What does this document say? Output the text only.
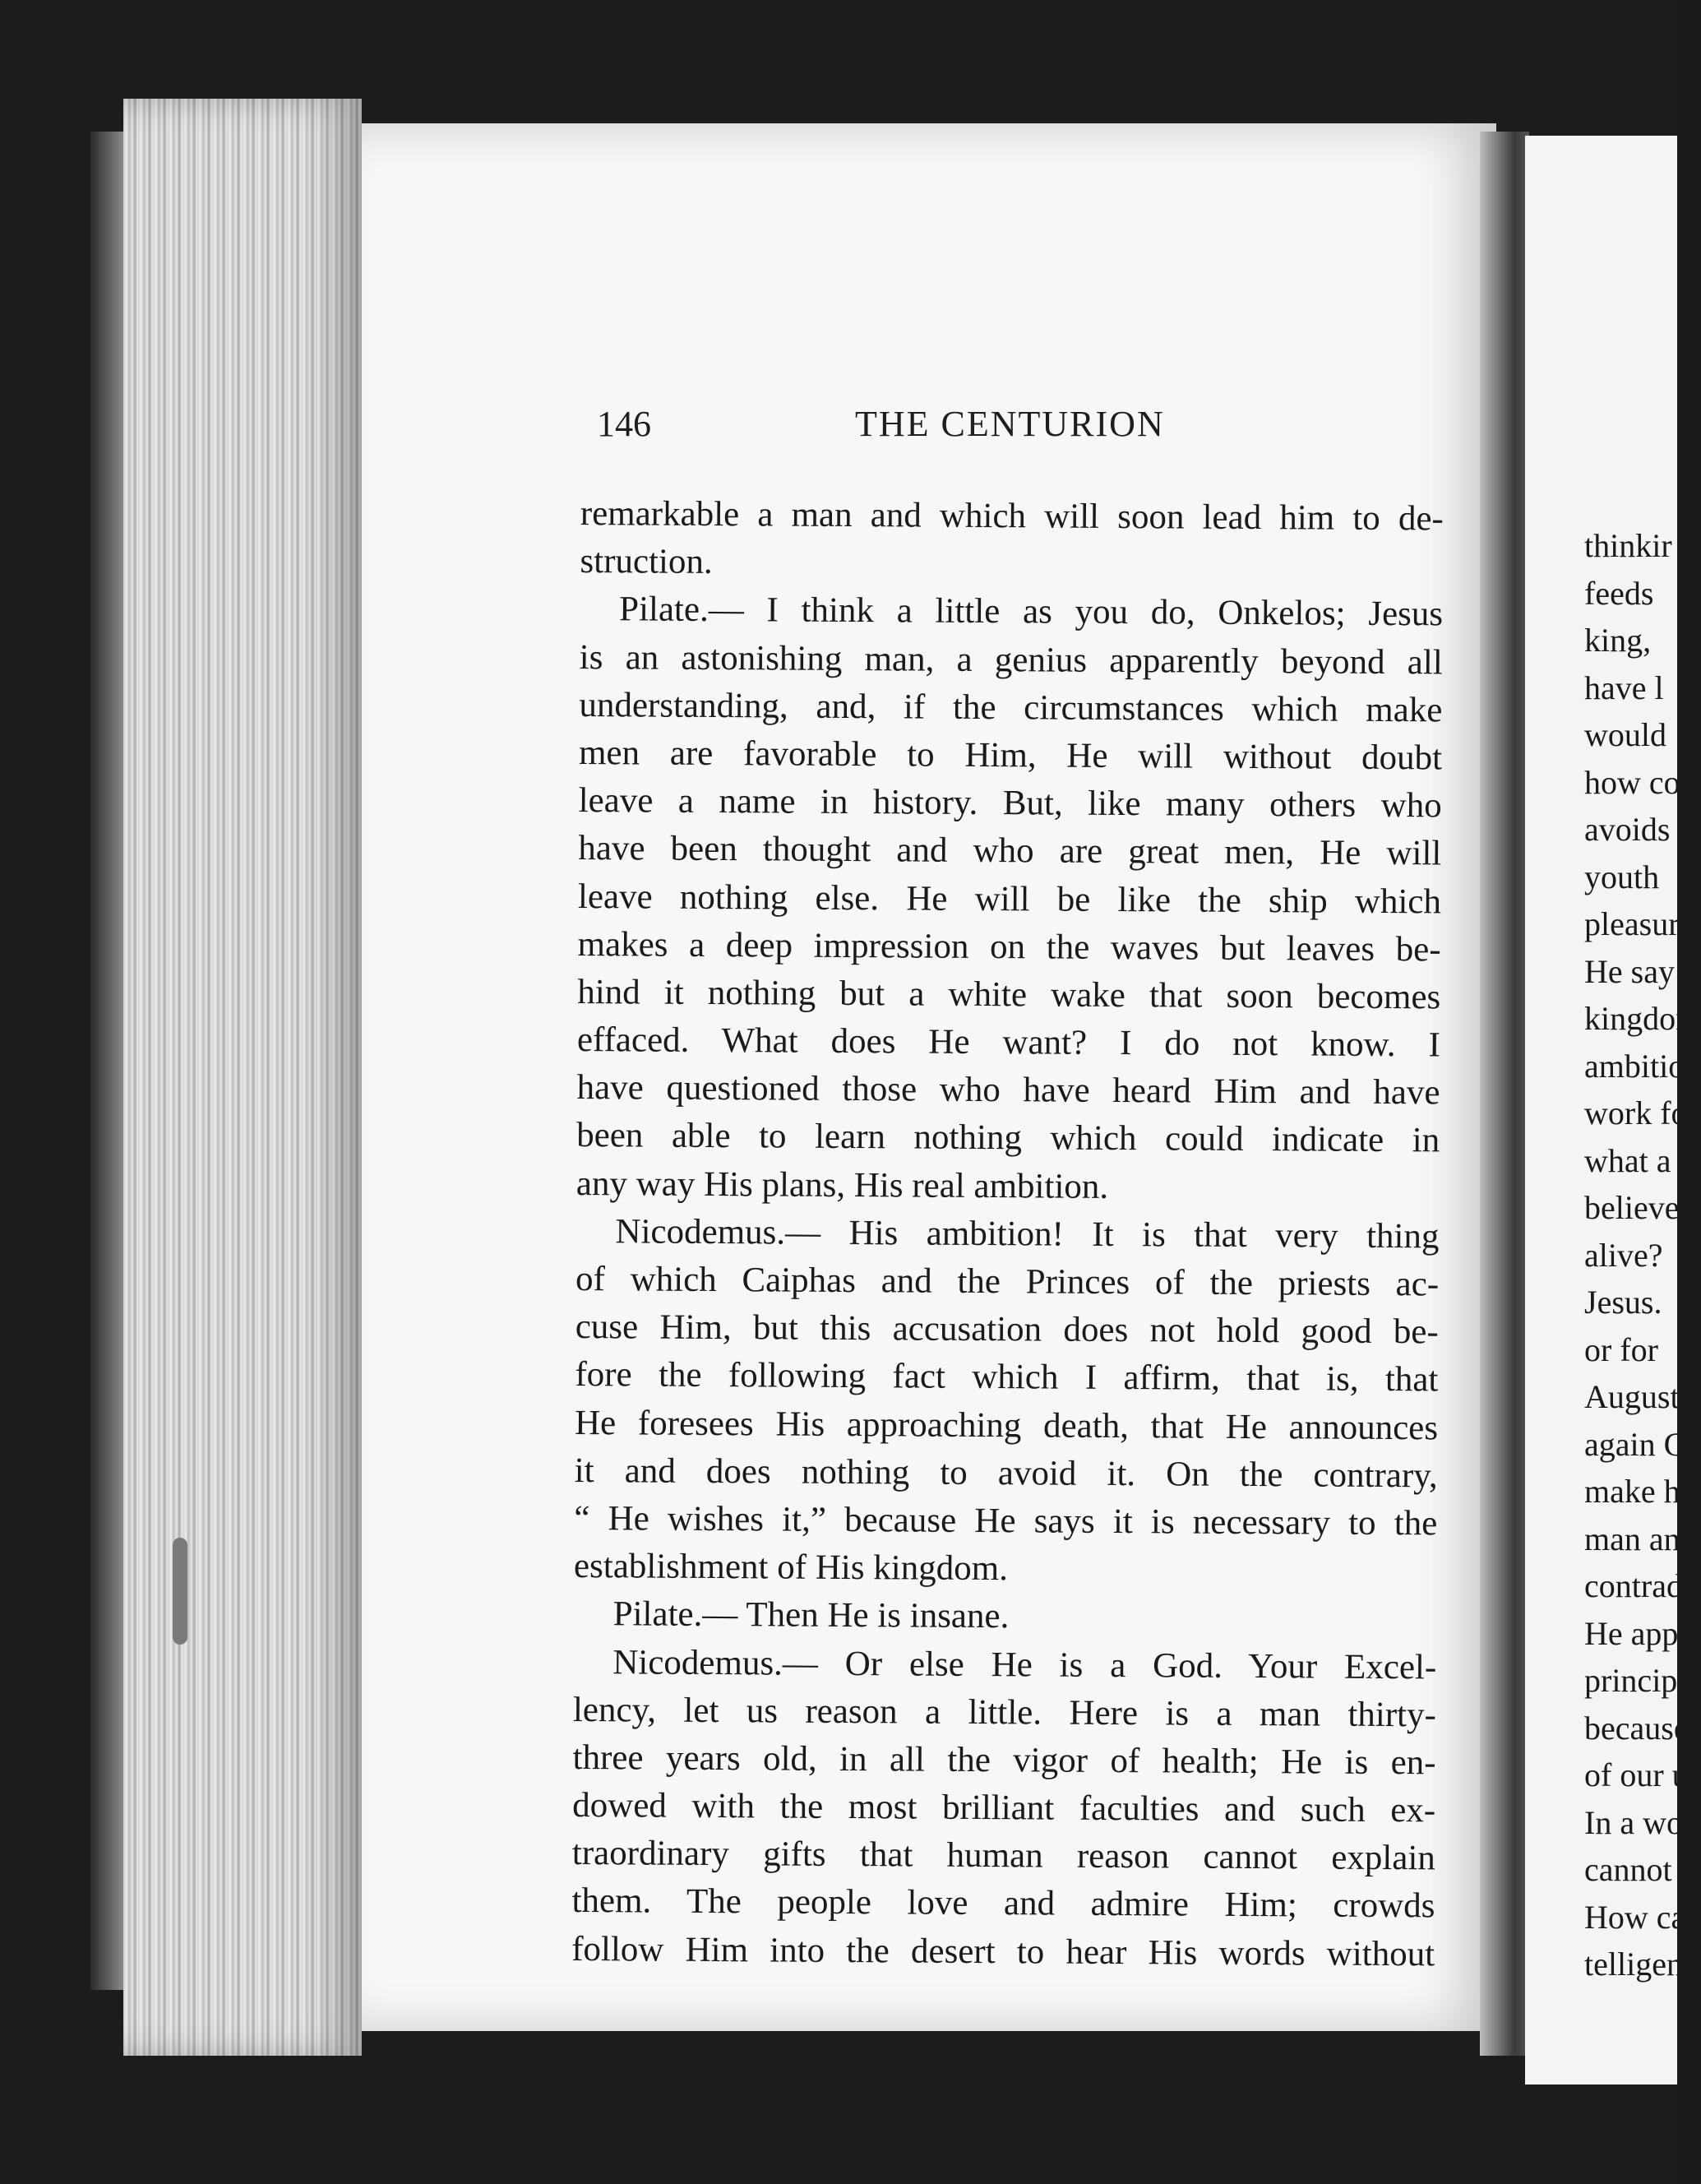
146	THE CENTURION
remarkable a man and which will soon lead him to de-
struction.
Pilate.— I think a little as you do, Onkelos; Jesus
is an astonishing man, a genius apparently beyond all
understanding, and, if the circumstances which make
men are favorable to Him, He will without doubt
leave a name in history. But, like many others who
have been thought and who are great men, He will
leave nothing else. He will be like the ship which
makes a deep impression on the waves but leaves be-
hind it nothing but a white wake that soon becomes
effaced. What does He want? I do not know. I
have questioned those who have heard Him and have
been able to learn nothing which could indicate in
any way His plans, His real ambition.
Nicodemus.— His ambition! It is that very thing
of which Caiphas and the Princes of the priests ac-
cuse Him, but this accusation does not hold good be-
fore the following fact which I affirm, that is, that
He foresees His approaching death, that He announces
it and does nothing to avoid it. On the contrary,
“ He wishes it,” because He says it is necessary to the
establishment of His kingdom.
Pilate.— Then He is insane.
Nicodemus.— Or else He is a God. Your Excel-
lency, let us reason a little. Here is a man thirty-
three years old, in all the vigor of health; He is en-
dowed with the most brilliant faculties and such ex-
traordinary gifts that human reason cannot explain
them. The people love and admire Him; crowds
follow Him into the desert to hear His words without
thinkir
feeds
king,
have l
would
how co
avoids
youth
pleasur
He say
kingdor
ambitio
work fo
what a
believe
alive?
Jesus.
or for
Augustu
again C
make hi
man an
contradi
He appe
principle
because
of our u
In a wo
cannot g
How ca
telligenc
